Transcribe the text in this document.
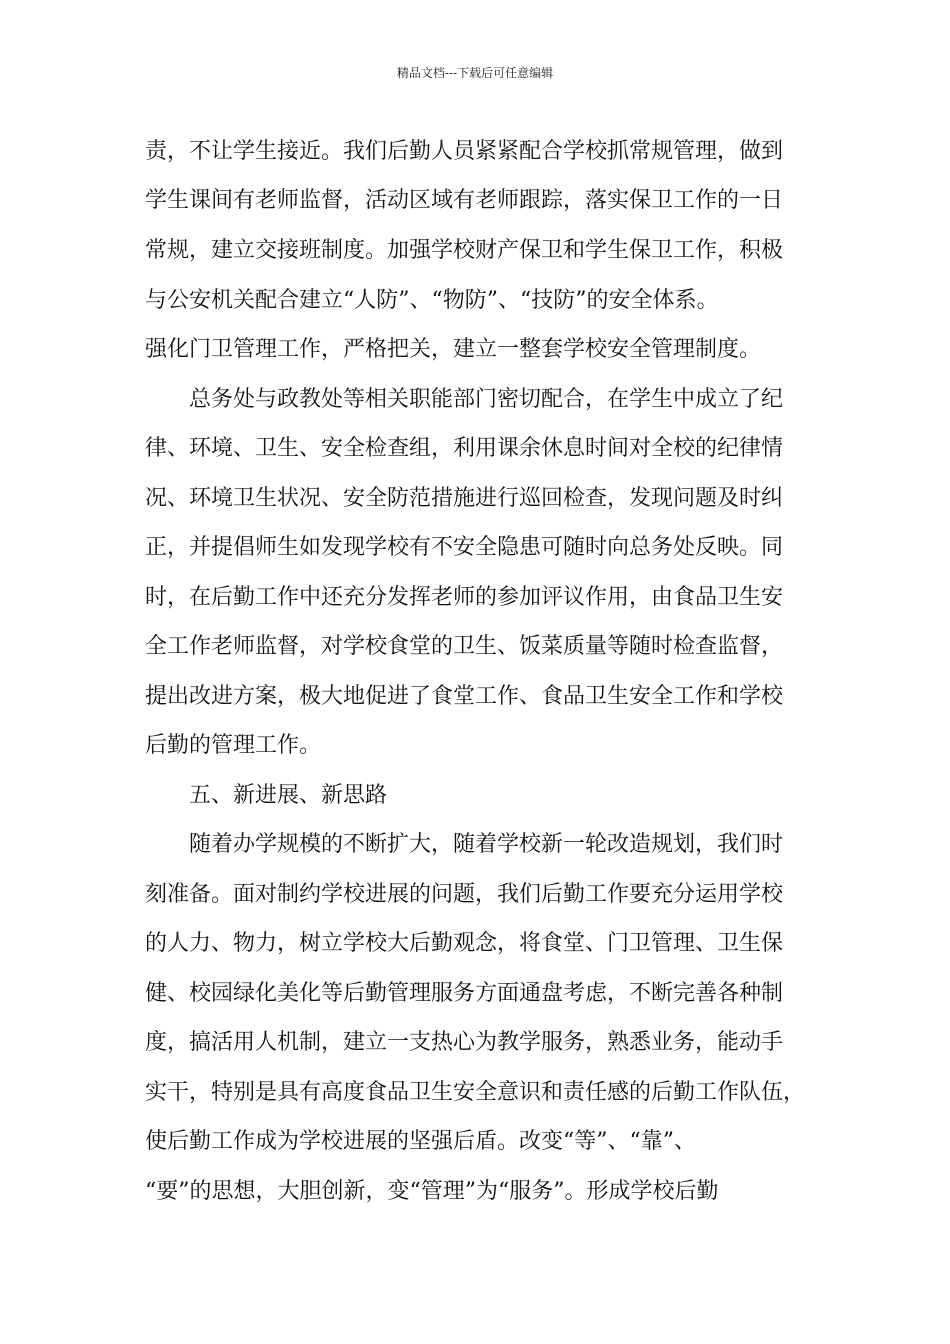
精品文档---下载后可任意编辑
责，不让学生接近。我们后勤人员紧紧配合学校抓常规管理，做到
学生课间有老师监督，活动区域有老师跟踪，落实保卫工作的一日
常规，建立交接班制度。加强学校财产保卫和学生保卫工作，积极
与公安机关配合建立“人防”、“物防”、“技防”的安全体系。
强化门卫管理工作，严格把关，建立一整套学校安全管理制度。
总务处与政教处等相关职能部门密切配合，在学生中成立了纪
律、环境、卫生、安全检查组，利用课余休息时间对全校的纪律情
况、环境卫生状况、安全防范措施进行巡回检查，发现问题及时纠
正，并提倡师生如发现学校有不安全隐患可随时向总务处反映。同
时，在后勤工作中还充分发挥老师的参加评议作用，由食品卫生安
全工作老师监督，对学校食堂的卫生、饭菜质量等随时检查监督，
提出改进方案，极大地促进了食堂工作、食品卫生安全工作和学校
后勤的管理工作。
五、新进展、新思路
随着办学规模的不断扩大，随着学校新一轮改造规划，我们时
刻准备。面对制约学校进展的问题，我们后勤工作要充分运用学校
的人力、物力，树立学校大后勤观念，将食堂、门卫管理、卫生保
健、校园绿化美化等后勤管理服务方面通盘考虑，不断完善各种制
度，搞活用人机制，建立一支热心为教学服务，熟悉业务，能动手
实干，特别是具有高度食品卫生安全意识和责任感的后勤工作队伍，
使后勤工作成为学校进展的坚强后盾。改变“等”、“靠”、
“要”的思想，大胆创新，变“管理”为“服务”。形成学校后勤
